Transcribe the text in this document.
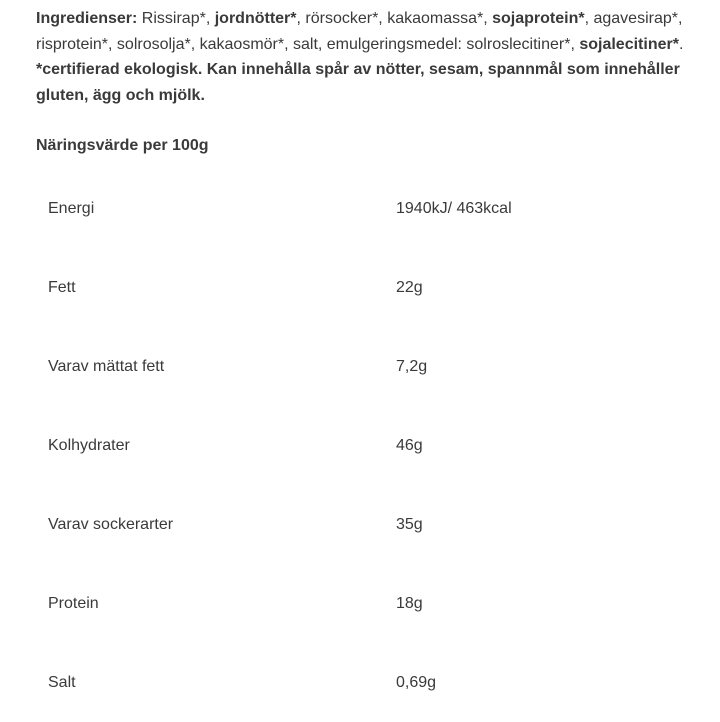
Ingredienser: Rissirap*, jordnötter*, rörsocker*, kakaomassa*, sojaprotein*, agavesirap*, risprotein*, solrosolja*, kakaosmör*, salt, emulgeringsmedel: solroslecitiner*, sojalecitiner*. *certifierad ekologisk. Kan innehålla spår av nötter, sesam, spannmål som innehåller gluten, ägg och mjölk.

Näringsvärde per 100g

Energi	1940kJ/ 463kcal
Fett	22g
Varav mättat fett	7,2g
Kolhydrater	46g
Varav sockerarter	35g
Protein	18g
Salt	0,69g
